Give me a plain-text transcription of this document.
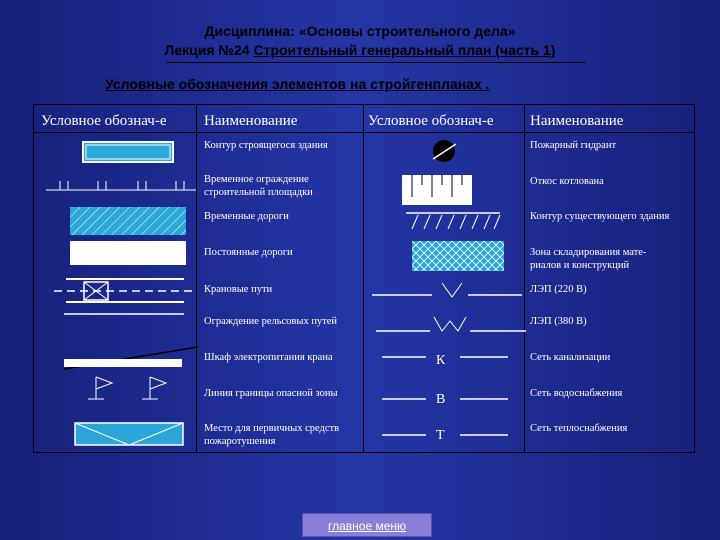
Дисциплина: «Основы строительного дела»
Лекция №24 Строительный генеральный план (часть 1)
Условные обозначения элементов на стройгенпланах .
Условное обознач-е Наименование	Условное обознач-е Наименование
Контур строящегося здания
Временное ограждение строительной площадки
Временные дороги
Постоянные дороги
Крановые пути
Ограждение рельсовых путей
Шкаф электропитания крана
Линия границы опасной зоны
Место для первичных средств пожаротушения
Пожарный гидрант
Откос котлована
Контур существующего здания
Зона складирования мате-риалов и конструкций
ЛЭП (220 В)
ЛЭП (380 В)
Сеть канализации
Сеть водоснабжения
Сеть теплоснабжения
К
В
Т
главное меню
